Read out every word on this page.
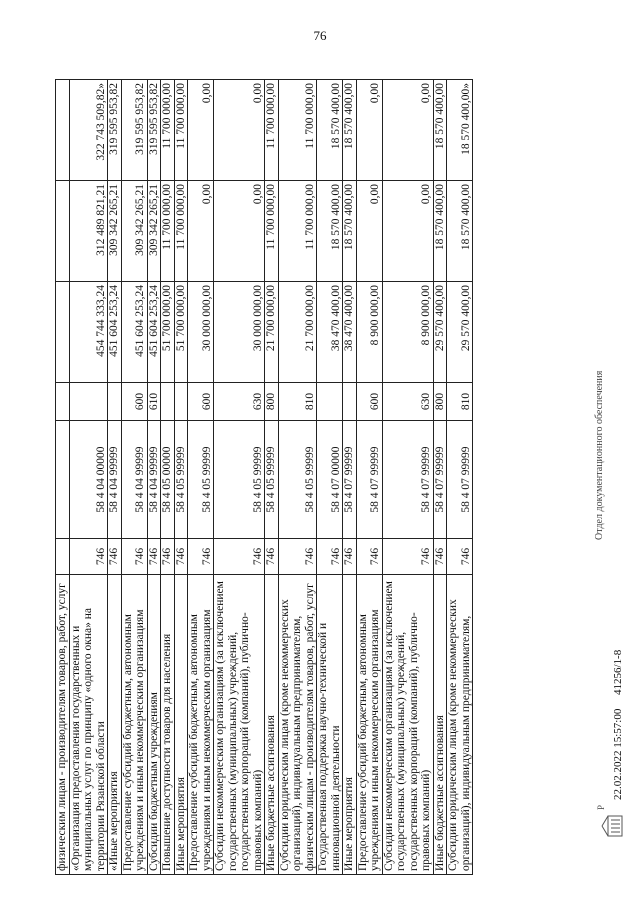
76
физическим лицам - производителям товаров, работ, услуг						
«Организация предоставления государственных и муниципальных услуг по принципу «одного окна» на территории Рязанской области	746	58 4 04 00000		454 744 333,24	312 489 821,21	322 743 509,82»
«Иные мероприятия	746	58 4 04 99999		451 604 253,24	309 342 265,21	319 595 953,82
Предоставление субсидий бюджетным, автономным учреждениям и иным некоммерческим организациям	746	58 4 04 99999	600	451 604 253,24	309 342 265,21	319 595 953,82
Субсидии бюджетным учреждениям	746	58 4 04 99999	610	451 604 253,24	309 342 265,21	319 595 953,82
Повышение доступности товаров для населения	746	58 4 05 00000		51 700 000,00	11 700 000,00	11 700 000,00
Иные мероприятия	746	58 4 05 99999		51 700 000,00	11 700 000,00	11 700 000,00
Предоставление субсидий бюджетным, автономным учреждениям и иным некоммерческим организациям	746	58 4 05 99999	600	30 000 000,00	0,00	0,00
Субсидии некоммерческим организациям (за исключением государственных (муниципальных) учреждений, государственных корпораций (компаний), публично-правовых компаний)	746	58 4 05 99999	630	30 000 000,00	0,00	0,00
Иные бюджетные ассигнования	746	58 4 05 99999	800	21 700 000,00	11 700 000,00	11 700 000,00
Субсидии юридическим лицам (кроме некоммерческих организаций), индивидуальным предпринимателям, физическим лицам - производителям товаров, работ, услуг	746	58 4 05 99999	810	21 700 000,00	11 700 000,00	11 700 000,00
Государственная поддержка научно-технической и инновационной деятельности	746	58 4 07 00000		38 470 400,00	18 570 400,00	18 570 400,00
Иные мероприятия	746	58 4 07 99999		38 470 400,00	18 570 400,00	18 570 400,00
Предоставление субсидий бюджетным, автономным учреждениям и иным некоммерческим организациям	746	58 4 07 99999	600	8 900 000,00	0,00	0,00
Субсидии некоммерческим организациям (за исключением государственных (муниципальных) учреждений, государственных корпораций (компаний), публично-правовых компаний)	746	58 4 07 99999	630	8 900 000,00	0,00	0,00
Иные бюджетные ассигнования	746	58 4 07 99999	800	29 570 400,00	18 570 400,00	18 570 400,00
Субсидии юридическим лицам (кроме некоммерческих организаций), индивидуальным предпринимателям,	746	58 4 07 99999	810	29 570 400,00	18 570 400,00	18 570 400,00»
P
22.02.2022 15:57:00
41256/1-8
Отдел документационного обеспечения
